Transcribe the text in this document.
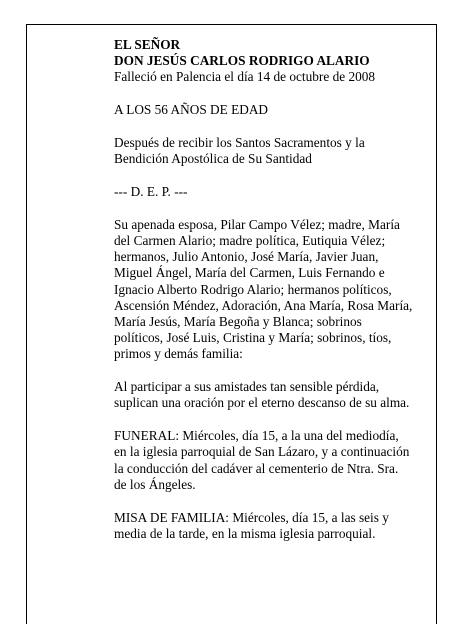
EL SEÑOR

DON JESÚS CARLOS RODRIGO ALARIO

Falleció en Palencia el día 14 de octubre de 2008

A LOS 56 AÑOS DE EDAD

Después de recibir los Santos Sacramentos y la Bendición Apostólica de Su Santidad

--- D. E. P. ---

Su apenada esposa, Pilar Campo Vélez; madre, María del Carmen Alario; madre política, Eutiquia Vélez; hermanos, Julio Antonio, José María, Javier Juan, Miguel Ángel, María del Carmen, Luis Fernando e Ignacio Alberto Rodrigo Alario; hermanos políticos, Ascensión Méndez, Adoración, Ana María, Rosa María, María Jesús, María Begoña y Blanca; sobrinos políticos, José Luis, Cristina y María; sobrinos, tíos, primos y demás familia:

Al participar a sus amistades tan sensible pérdida, suplican una oración por el eterno descanso de su alma.

FUNERAL: Miércoles, día 15, a la una del mediodía, en la iglesia parroquial de San Lázaro, y a continuación la conducción del cadáver al cementerio de Ntra. Sra. de los Ángeles.

MISA DE FAMILIA: Miércoles, día 15, a las seis y media de la tarde, en la misma iglesia parroquial.
